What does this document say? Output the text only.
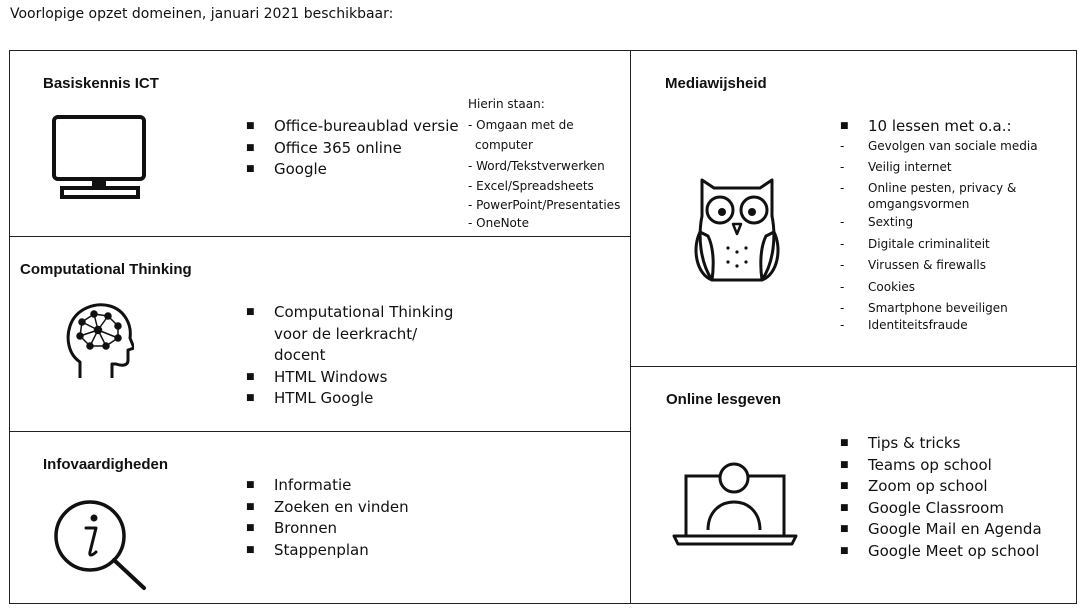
Voorlopige opzet domeinen, januari 2021 beschikbaar:
Basiskennis ICT
■ Office-bureaublad versie
■ Office 365 online
■ Google
Hierin staan:
- Omgaan met de
computer
- Word/Tekstverwerken
- Excel/Spreadsheets
- PowerPoint/Presentaties
- OneNote
Computational Thinking
■ Computational Thinking
voor de leerkracht/
docent
■ HTML Windows
■ HTML Google
Infovaardigheden
■ Informatie
■ Zoeken en vinden
■ Bronnen
■ Stappenplan
Mediawijsheid
■ 10 lessen met o.a.:
- Gevolgen van sociale media
- Veilig internet
- Online pesten, privacy &
omgangsvormen
- Sexting
- Digitale criminaliteit
- Virussen & firewalls
- Cookies
- Smartphone beveiligen
- Identiteitsfraude
Online lesgeven
■ Tips & tricks
■ Teams op school
■ Zoom op school
■ Google Classroom
■ Google Mail en Agenda
■ Google Meet op school
